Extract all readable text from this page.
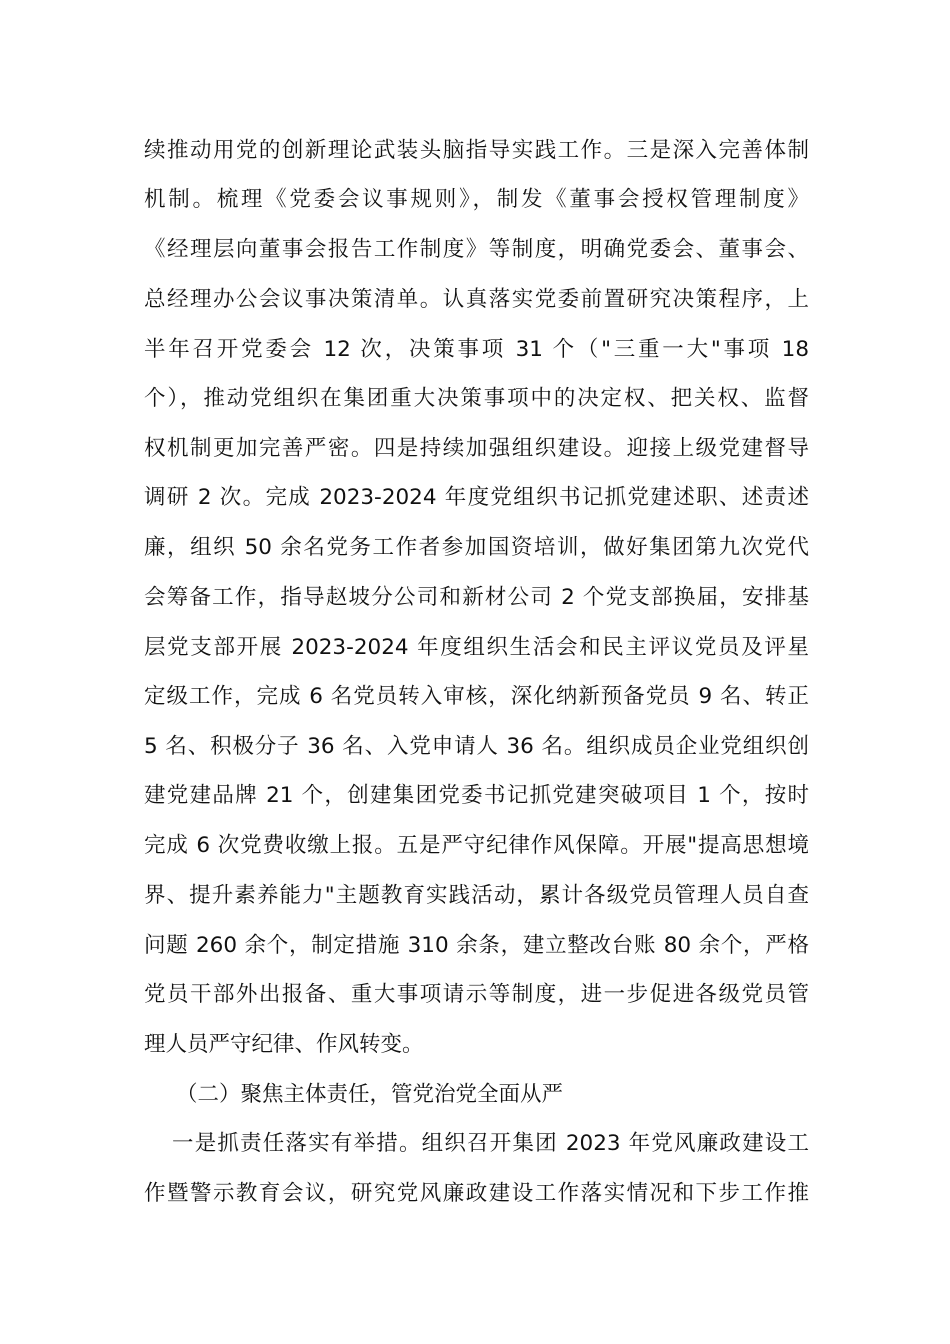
续推动用党的创新理论武装头脑指导实践工作。三是深入完善体制
机制。梳理《党委会议事规则》，制发《董事会授权管理制度》
《经理层向董事会报告工作制度》等制度，明确党委会、董事会、
总经理办公会议事决策清单。认真落实党委前置研究决策程序，上
半年召开党委会 12 次，决策事项 31 个（"三重一大"事项 18
个），推动党组织在集团重大决策事项中的决定权、把关权、监督
权机制更加完善严密。四是持续加强组织建设。迎接上级党建督导
调研 2 次。完成 2023-2024 年度党组织书记抓党建述职、述责述
廉，组织 50 余名党务工作者参加国资培训，做好集团第九次党代
会筹备工作，指导赵坡分公司和新材公司 2 个党支部换届，安排基
层党支部开展 2023-2024 年度组织生活会和民主评议党员及评星
定级工作，完成 6 名党员转入审核，深化纳新预备党员 9 名、转正
5 名、积极分子 36 名、入党申请人 36 名。组织成员企业党组织创
建党建品牌 21 个，创建集团党委书记抓党建突破项目 1 个，按时
完成 6 次党费收缴上报。五是严守纪律作风保障。开展"提高思想境
界、提升素养能力"主题教育实践活动，累计各级党员管理人员自查
问题 260 余个，制定措施 310 余条，建立整改台账 80 余个，严格
党员干部外出报备、重大事项请示等制度，进一步促进各级党员管
理人员严守纪律、作风转变。
（二）聚焦主体责任，管党治党全面从严
一是抓责任落实有举措。组织召开集团 2023 年党风廉政建设工
作暨警示教育会议，研究党风廉政建设工作落实情况和下步工作推
